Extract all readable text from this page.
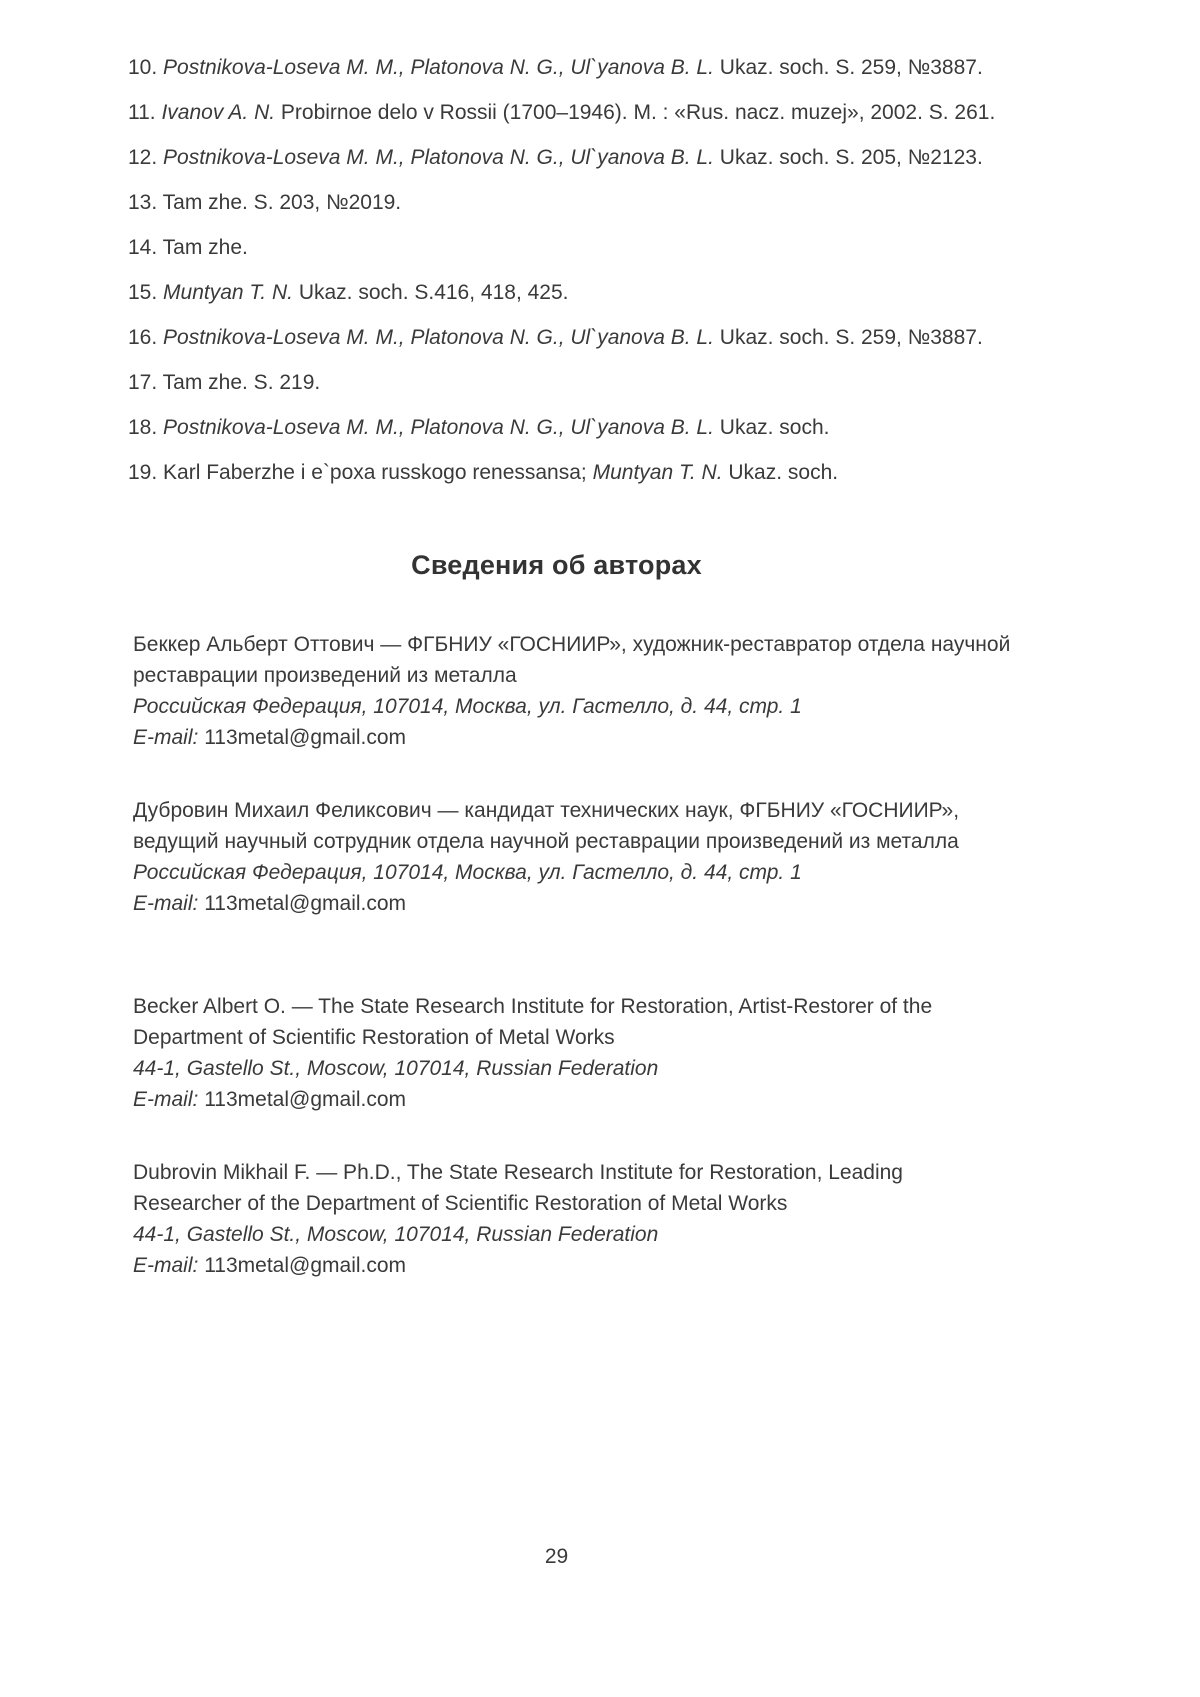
10. Postnikova-Loseva M. M., Platonova N. G., Ul`yanova B. L. Ukaz. soch. S. 259, №3887.

11. Ivanov A. N. Probirnoe delo v Rossii (1700–1946). M. : «Rus. nacz. muzej», 2002. S. 261.

12. Postnikova-Loseva M. M., Platonova N. G., Ul`yanova B. L. Ukaz. soch. S. 205, №2123.

13. Tam zhe. S. 203, №2019.

14. Tam zhe.

15. Muntyan T. N. Ukaz. soch. S.416, 418, 425.

16. Postnikova-Loseva M. M., Platonova N. G., Ul`yanova B. L. Ukaz. soch. S. 259, №3887.

17. Tam zhe. S. 219.

18. Postnikova-Loseva M. M., Platonova N. G., Ul`yanova B. L. Ukaz. soch.

19. Karl Faberzhe i e`poxa russkogo renessansa; Muntyan T. N. Ukaz. soch.

Сведения об авторах
Беккер Альберт Оттович — ФГБНИУ «ГОСНИИР», художник-реставратор отдела научной реставрации произведений из металла
Российская Федерация, 107014, Москва, ул. Гастелло, д. 44, стр. 1
E-mail: 113metal@gmail.com
Дубровин Михаил Феликсович — кандидат технических наук, ФГБНИУ «ГОСНИИР», ведущий научный сотрудник отдела научной реставрации произведений из металла
Российская Федерация, 107014, Москва, ул. Гастелло, д. 44, стр. 1
E-mail: 113metal@gmail.com
Becker Albert O. — The State Research Institute for Restoration, Artist-Restorer of the Department of Scientific Restoration of Metal Works
44-1, Gastello St., Moscow, 107014, Russian Federation
E-mail: 113metal@gmail.com
Dubrovin Mikhail F. — Ph.D., The State Research Institute for Restoration, Leading Researcher of the Department of Scientific Restoration of Metal Works
44-1, Gastello St., Moscow, 107014, Russian Federation
E-mail: 113metal@gmail.com
29
